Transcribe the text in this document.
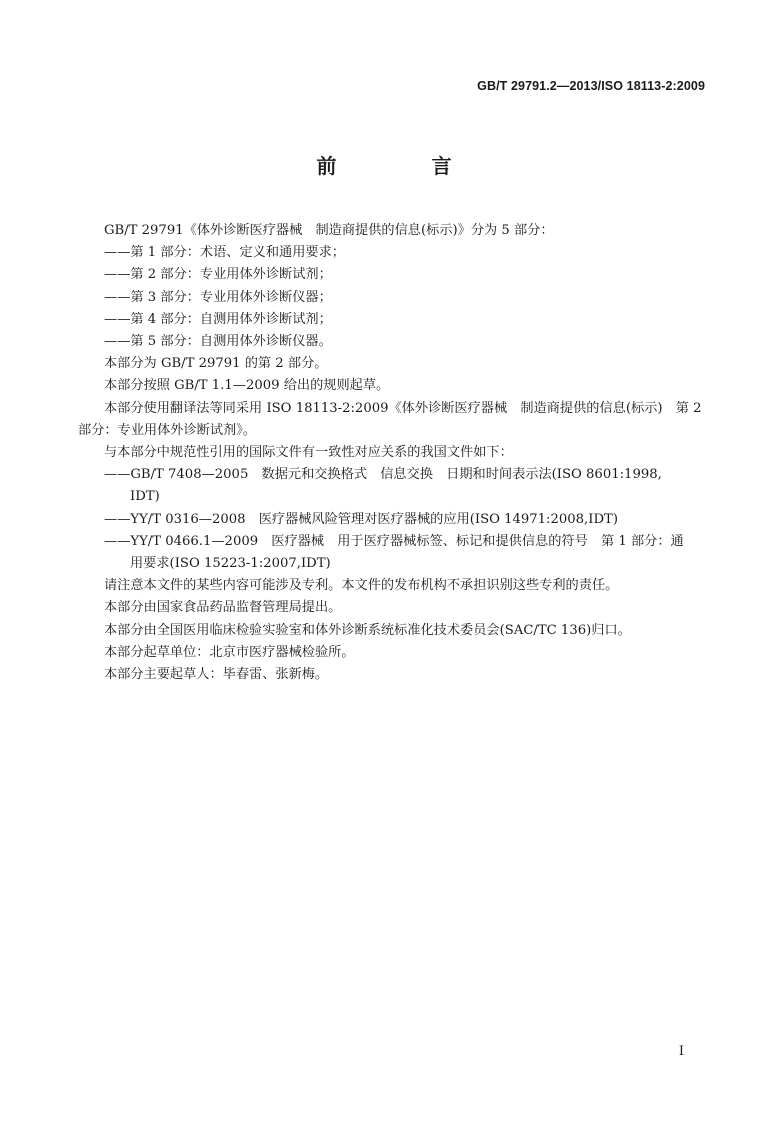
GB/T 29791.2—2013/ISO 18113-2:2009
前 言

GB/T 29791《体外诊断医疗器械　制造商提供的信息(标示)》分为 5 部分：

——第 1 部分：术语、定义和通用要求；

——第 2 部分：专业用体外诊断试剂；

——第 3 部分：专业用体外诊断仪器；

——第 4 部分：自测用体外诊断试剂；

——第 5 部分：自测用体外诊断仪器。

本部分为 GB/T 29791 的第 2 部分。

本部分按照 GB/T 1.1—2009 给出的规则起草。

本部分使用翻译法等同采用 ISO 18113-2:2009《体外诊断医疗器械　制造商提供的信息(标示)　第 2 部分：专业用体外诊断试剂》。

与本部分中规范性引用的国际文件有一致性对应关系的我国文件如下：

——GB/T 7408—2005　数据元和交换格式　信息交换　日期和时间表示法(ISO 8601:1998,

IDT)

——YY/T 0316—2008　医疗器械风险管理对医疗器械的应用(ISO 14971:2008,IDT)

——YY/T 0466.1—2009　医疗器械　用于医疗器械标签、标记和提供信息的符号　第 1 部分：通

用要求(ISO 15223-1:2007,IDT)

请注意本文件的某些内容可能涉及专利。本文件的发布机构不承担识别这些专利的责任。

本部分由国家食品药品监督管理局提出。

本部分由全国医用临床检验实验室和体外诊断系统标准化技术委员会(SAC/TC 136)归口。

本部分起草单位：北京市医疗器械检验所。

本部分主要起草人：毕春雷、张新梅。

I
